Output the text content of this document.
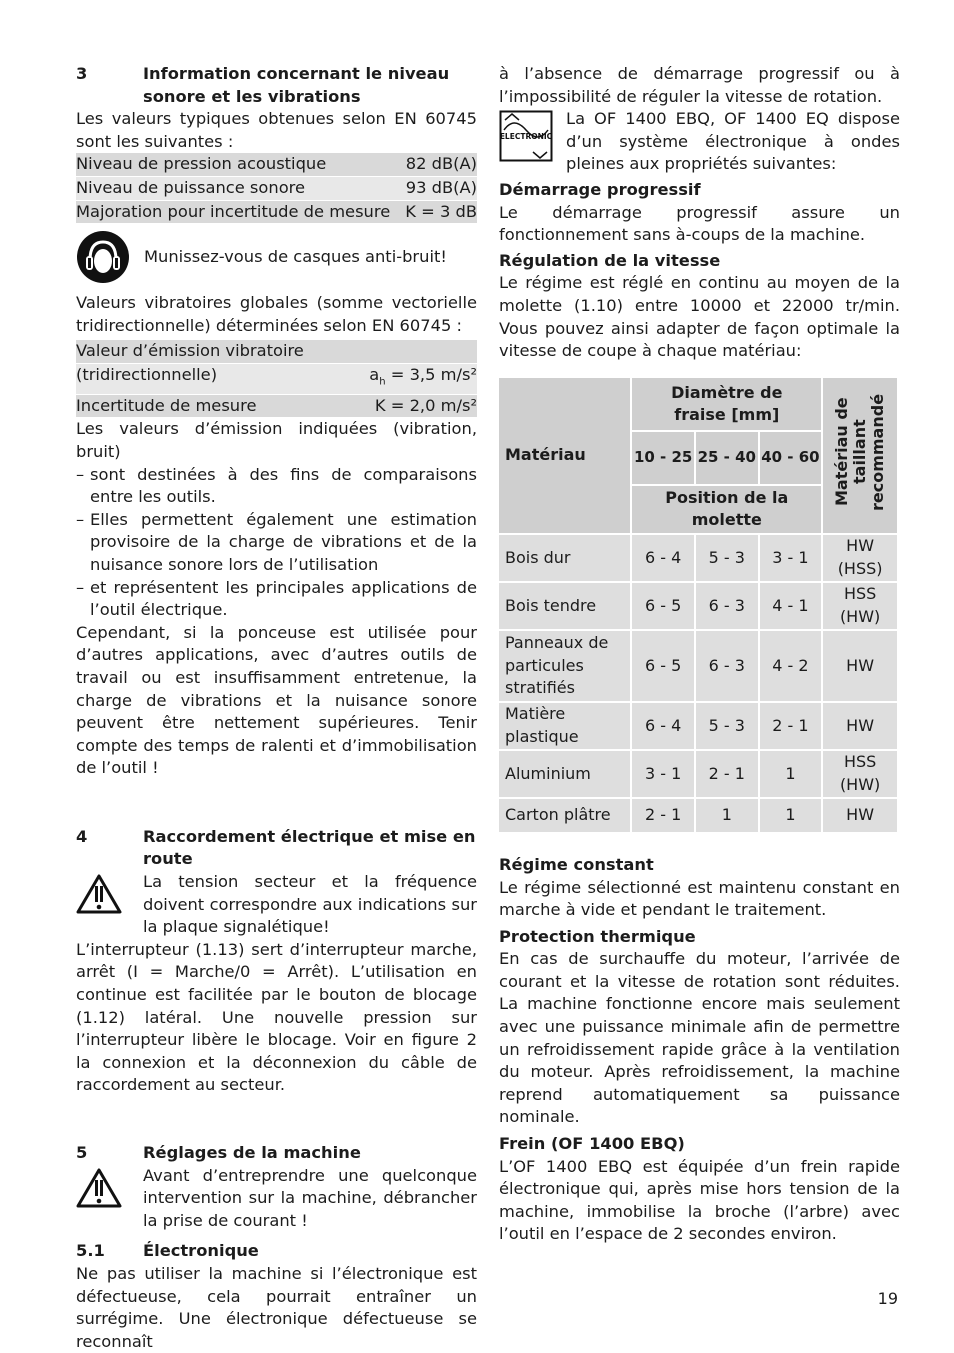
3	Information concernant le niveau sonore et les vibrations

Les valeurs typiques obtenues selon EN 60745 sont les suivantes :

Niveau de pression acoustique	82 dB(A)
Niveau de puissance sonore	93 dB(A)
Majoration pour incertitude de mesure K = 3 dB
Munissez-vous de casques anti-bruit!

Valeurs vibratoires globales (somme vectorielle tridirectionnelle) déterminées selon EN 60745 :

Valeur d’émission vibratoire
(tridirectionnelle)	$a_h = 3,5$ m/s²
Incertitude de mesure	K = 2,0 m/s²

Les valeurs d’émission indiquées (vibration, bruit)

– sont destinées à des fins de comparaisons entre les outils.
– Elles permettent également une estimation provisoire de la charge de vibrations et de la nuisance sonore lors de l’utilisation
– et représentent les principales applications de l’outil électrique.

Cependant, si la ponceuse est utilisée pour d’autres applications, avec d’autres outils de travail ou est insuffisamment entretenue, la charge de vibrations et la nuisance sonore peuvent être nettement supérieures. Tenir compte des temps de ralenti et d’immobilisation de l’outil !

4	Raccordement électrique et mise en route
La tension secteur et la fréquence doivent correspondre aux indications sur la plaque signalétique!

L’interrupteur (1.13) sert d’interrupteur marche, arrêt (I = Marche/0 = Arrêt). L’utilisation en continue est facilitée par le bouton de blocage (1.12) latéral. Une nouvelle pression sur l’interrupteur libère le blocage. Voir en figure 2 la connexion et la déconnexion du câble de raccordement au secteur.

5	Réglages de la machine
Avant d’entreprendre une quelconque intervention sur la machine, débrancher la prise de courant !
5.1	Électronique

Ne pas utiliser la machine si l’électronique est défectueuse, cela pourrait entraîner un surrégime. Une électronique défectueuse se reconnaît

à l’absence de démarrage progressif ou à l’impossibilité de réguler la vitesse de rotation.

ELECTRONIC
La OF 1400 EBQ, OF 1400 EQ dispose d’un système électronique à ondes pleines aux propriétés suivantes:

Démarrage progressif

Le démarrage progressif assure un fonctionnement sans à-coups de la machine.

Régulation de la vitesse

Le régime est réglé en continu au moyen de la molette (1.10) entre 10000 et 22000 tr/min. Vous pouvez ainsi adapter de façon optimale la vitesse de coupe à chaque matériau:

Matériau	Diamètre de fraise [mm]			Matériau de taillant recommandé
	10 - 25	25 - 40	40 - 60	
	Position de la molette			
Bois dur	6 - 4	5 - 3	3 - 1	HW (HSS)
Bois tendre	6 - 5	6 - 3	4 - 1	HSS (HW)
Panneaux de particules stratifiés	6 - 5	6 - 3	4 - 2	HW
Matière plastique	6 - 4	5 - 3	2 - 1	HW
Aluminium	3 - 1	2 - 1	1	HSS (HW)
Carton plâtre	2 - 1	1	1	HW

Régime constant

Le régime sélectionné est maintenu constant en marche à vide et pendant le traitement.

Protection thermique

En cas de surchauffe du moteur, l’arrivée de courant et la vitesse de rotation sont réduites. La machine fonctionne encore mais seulement avec une puissance minimale afin de permettre un refroidissement rapide grâce à la ventilation du moteur. Après refroidissement, la machine reprend automatiquement sa puissance nominale.

Frein (OF 1400 EBQ)

L’OF 1400 EBQ est équipée d’un frein rapide électronique qui, après mise hors tension de la machine, immobilise la broche (l’arbre) avec l’outil en l’espace de 2 secondes environ.

19
